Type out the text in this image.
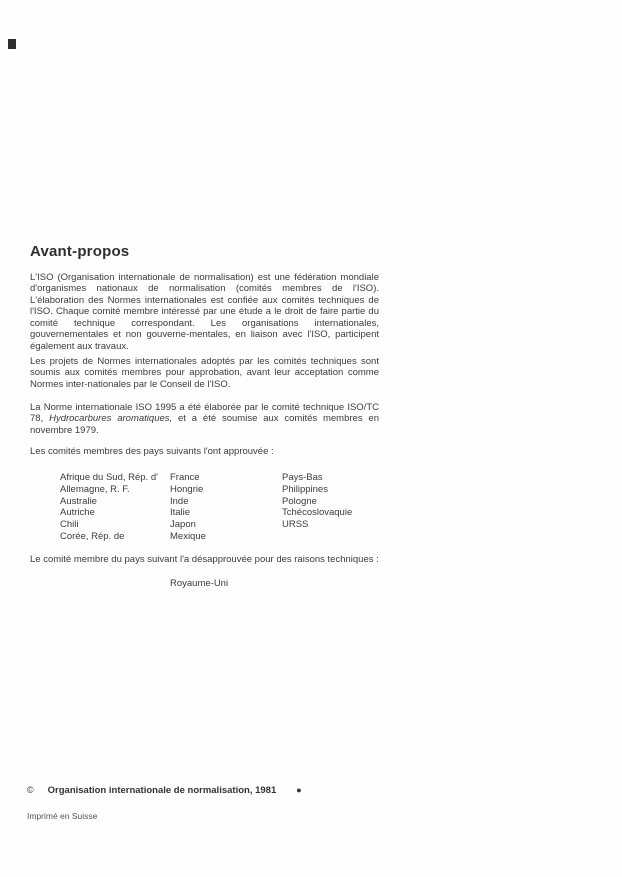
Avant-propos

L'ISO (Organisation internationale de normalisation) est une fédération mondiale d'organismes nationaux de normalisation (comités membres de l'ISO). L'élaboration des Normes internationales est confiée aux comités techniques de l'ISO. Chaque comité membre intéressé par une étude a le droit de faire partie du comité technique correspondant. Les organisations internationales, gouvernementales et non gouverne-mentales, en liaison avec l'ISO, participent également aux travaux.

Les projets de Normes internationales adoptés par les comités techniques sont soumis aux comités membres pour approbation, avant leur acceptation comme Normes inter-nationales par le Conseil de l'ISO.

La Norme internationale ISO 1995 a été élaborée par le comité technique ISO/TC 78, Hydrocarbures aromatiques, et a été soumise aux comités membres en novembre 1979.

Les comités membres des pays suivants l'ont approuvée :
Afrique du Sud, Rép. d'
Allemagne, R. F.
Australie
Autriche
Chili
Corée, Rép. de
France
Hongrie
Inde
Italie
Japon
Mexique
Pays-Bas
Philippines
Pologne
Tchécoslovaquie
URSS
Le comité membre du pays suivant l'a désapprouvée pour des raisons techniques :
Royaume-Uni
© Organisation internationale de normalisation, 1981 ●
Imprimé en Suisse
